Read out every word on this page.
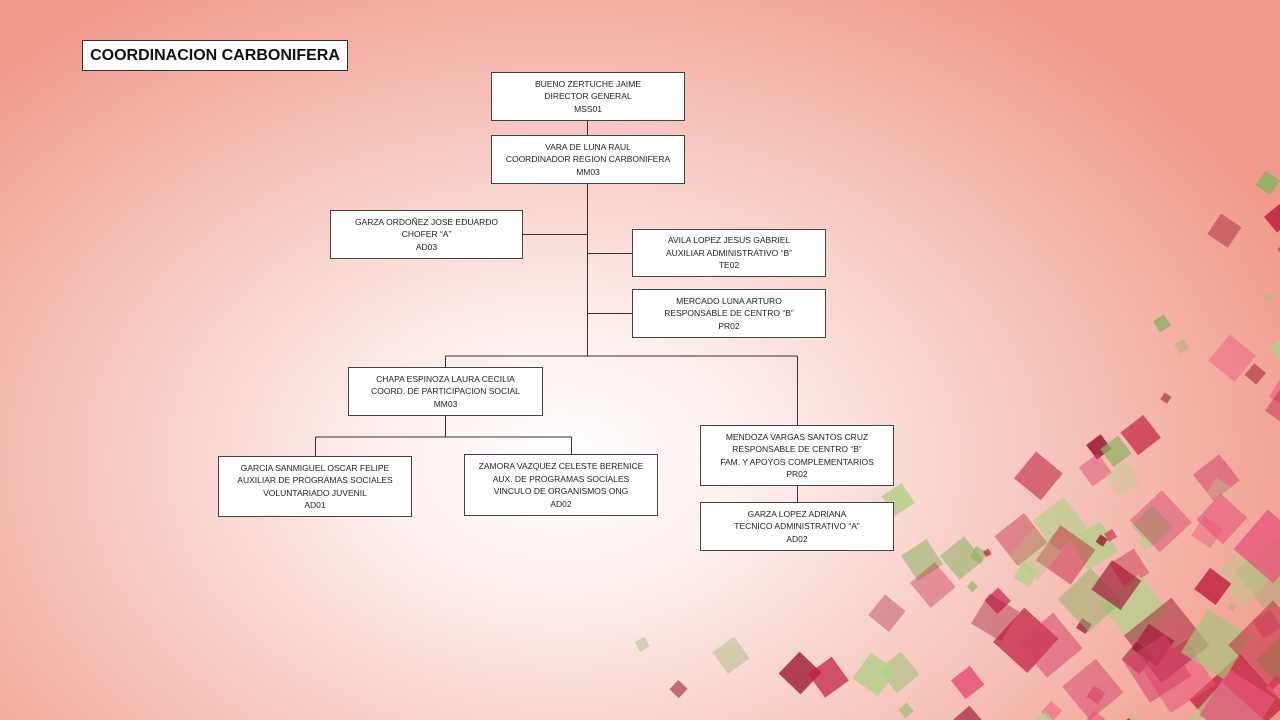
COORDINACION CARBONIFERA
BUENO ZERTUCHE JAIME
DIRECTOR GENERAL
MSS01
VARA DE LUNA RAUL
COORDINADOR REGION CARBONIFERA
MM03
GARZA ORDOÑEZ JOSE EDUARDO
CHOFER “A”
AD03
AVILA LOPEZ JESUS GABRIEL
AUXILIAR ADMINISTRATIVO “B”
TE02
MERCADO LUNA ARTURO
RESPONSABLE DE CENTRO “B”
PR02
CHAPA ESPINOZA LAURA CECILIA
COORD. DE PARTICIPACION SOCIAL
MM03
GARCIA SANMIGUEL OSCAR FELIPE
AUXILIAR DE PROGRAMAS SOCIALES
VOLUNTARIADO JUVENIL
AD01
ZAMORA VAZQUEZ CELESTE BERENICE
AUX. DE PROGRAMAS SOCIALES
VINCULO DE ORGANISMOS ONG
AD02
MENDOZA VARGAS SANTOS CRUZ
RESPONSABLE DE CENTRO “B”
FAM. Y APOYOS COMPLEMENTARIOS
PR02
GARZA LOPEZ ADRIANA
TECNICO ADMINISTRATIVO “A”
AD02
